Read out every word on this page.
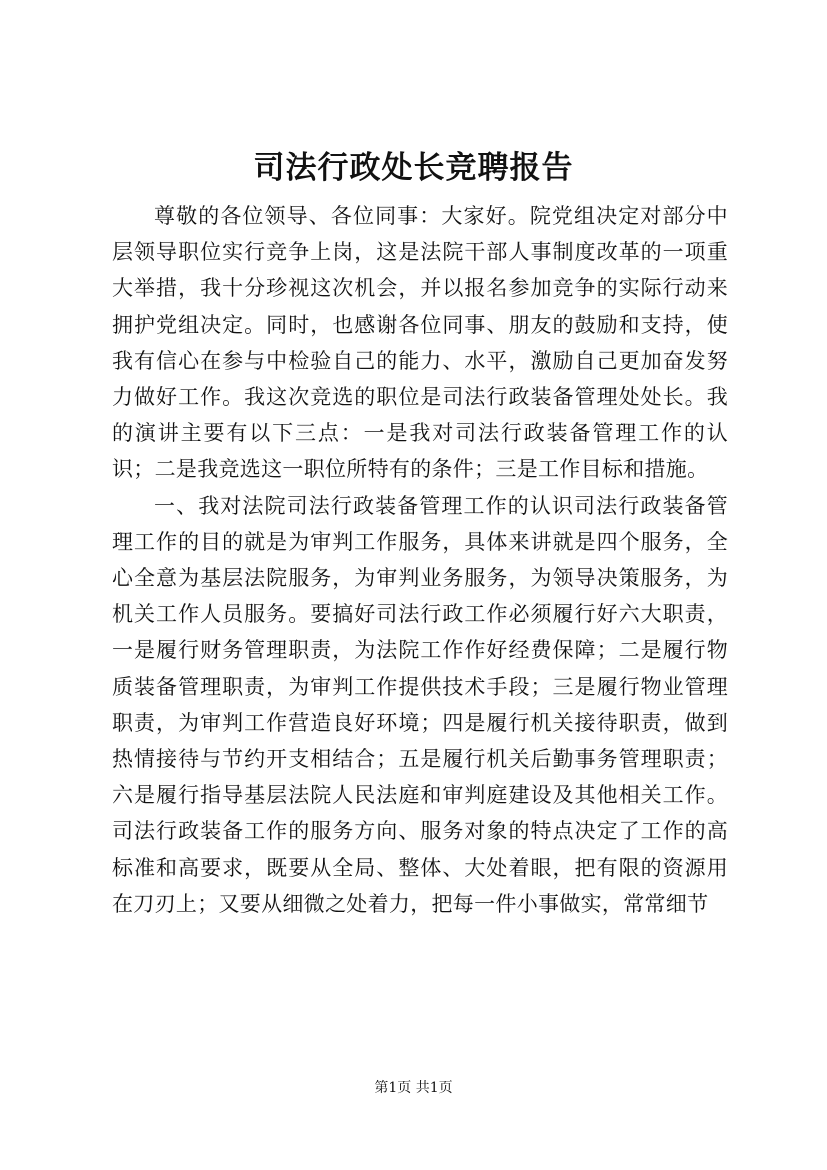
司法行政处长竞聘报告

尊敬的各位领导、各位同事：大家好。院党组决定对部分中层领导职位实行竞争上岗，这是法院干部人事制度改革的一项重大举措，我十分珍视这次机会，并以报名参加竞争的实际行动来拥护党组决定。同时，也感谢各位同事、朋友的鼓励和支持，使我有信心在参与中检验自己的能力、水平，激励自己更加奋发努力做好工作。我这次竞选的职位是司法行政装备管理处处长。我的演讲主要有以下三点：一是我对司法行政装备管理工作的认识；二是我竞选这一职位所特有的条件；三是工作目标和措施。

一、我对法院司法行政装备管理工作的认识司法行政装备管理工作的目的就是为审判工作服务，具体来讲就是四个服务，全心全意为基层法院服务，为审判业务服务，为领导决策服务，为机关工作人员服务。要搞好司法行政工作必须履行好六大职责，一是履行财务管理职责，为法院工作作好经费保障；二是履行物质装备管理职责，为审判工作提供技术手段；三是履行物业管理职责，为审判工作营造良好环境；四是履行机关接待职责，做到热情接待与节约开支相结合；五是履行机关后勤事务管理职责；六是履行指导基层法院人民法庭和审判庭建设及其他相关工作。司法行政装备工作的服务方向、服务对象的特点决定了工作的高标准和高要求，既要从全局、整体、大处着眼，把有限的资源用在刀刃上；又要从细微之处着力，把每一件小事做实，常常细节

第1页 共1页
